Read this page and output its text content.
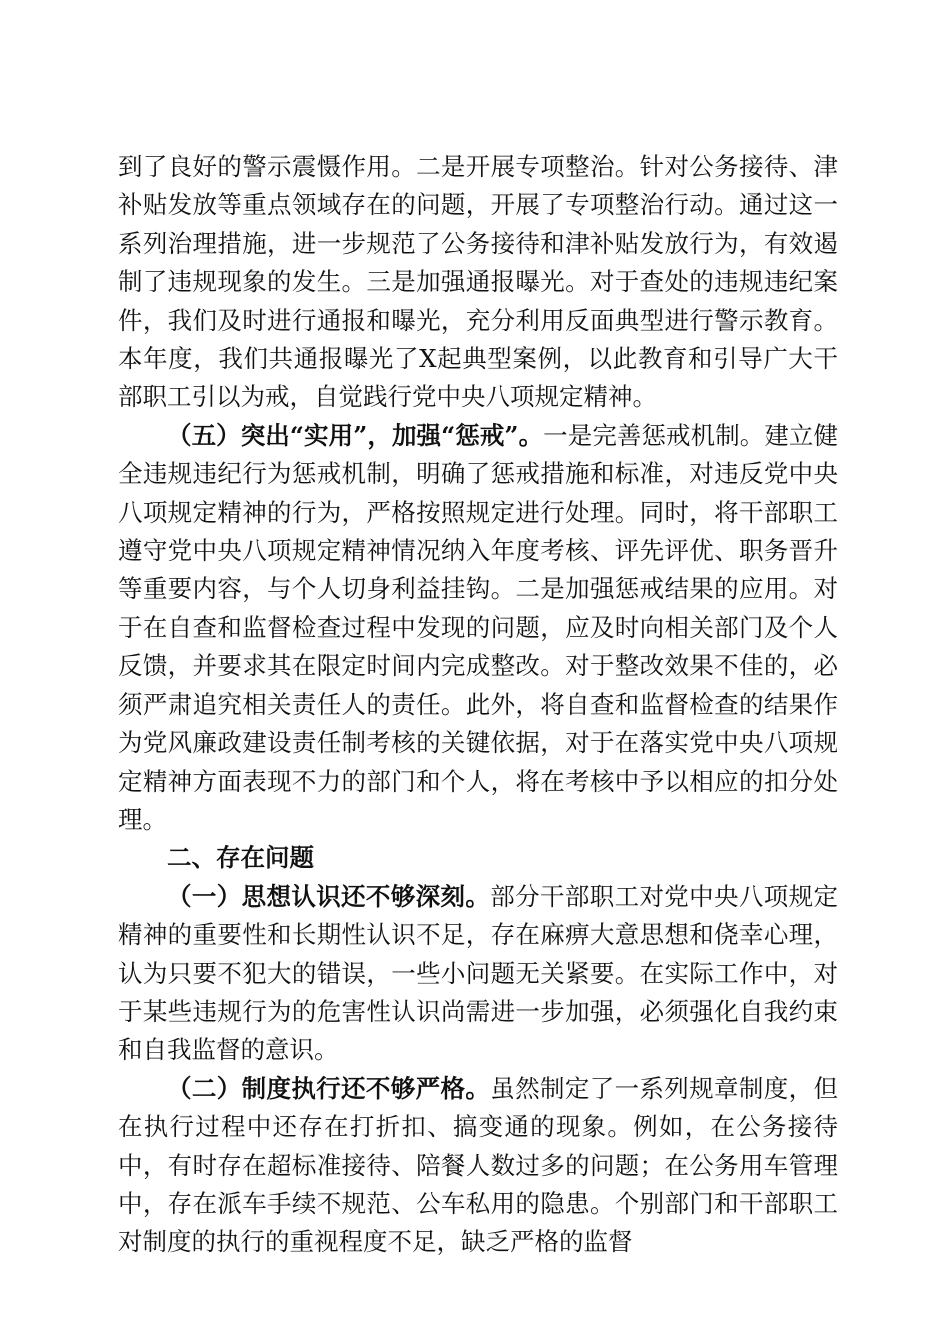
到了良好的警示震慑作用。二是开展专项整治。针对公务接待、津补贴发放等重点领域存在的问题，开展了专项整治行动。通过这一系列治理措施，进一步规范了公务接待和津补贴发放行为，有效遏制了违规现象的发生。三是加强通报曝光。对于查处的违规违纪案件，我们及时进行通报和曝光，充分利用反面典型进行警示教育。本年度，我们共通报曝光了X起典型案例，以此教育和引导广大干部职工引以为戒，自觉践行党中央八项规定精神。

（五）突出“实用”，加强“惩戒”。一是完善惩戒机制。建立健全违规违纪行为惩戒机制，明确了惩戒措施和标准，对违反党中央八项规定精神的行为，严格按照规定进行处理。同时，将干部职工遵守党中央八项规定精神情况纳入年度考核、评先评优、职务晋升等重要内容，与个人切身利益挂钩。二是加强惩戒结果的应用。对于在自查和监督检查过程中发现的问题，应及时向相关部门及个人反馈，并要求其在限定时间内完成整改。对于整改效果不佳的，必须严肃追究相关责任人的责任。此外，将自查和监督检查的结果作为党风廉政建设责任制考核的关键依据，对于在落实党中央八项规定精神方面表现不力的部门和个人，将在考核中予以相应的扣分处理。

二、存在问题

（一）思想认识还不够深刻。部分干部职工对党中央八项规定精神的重要性和长期性认识不足，存在麻痹大意思想和侥幸心理，认为只要不犯大的错误，一些小问题无关紧要。在实际工作中，对于某些违规行为的危害性认识尚需进一步加强，必须强化自我约束和自我监督的意识。

（二）制度执行还不够严格。虽然制定了一系列规章制度，但在执行过程中还存在打折扣、搞变通的现象。例如，在公务接待中，有时存在超标准接待、陪餐人数过多的问题；在公务用车管理中，存在派车手续不规范、公车私用的隐患。个别部门和干部职工对制度的执行的重视程度不足，缺乏严格的监督
